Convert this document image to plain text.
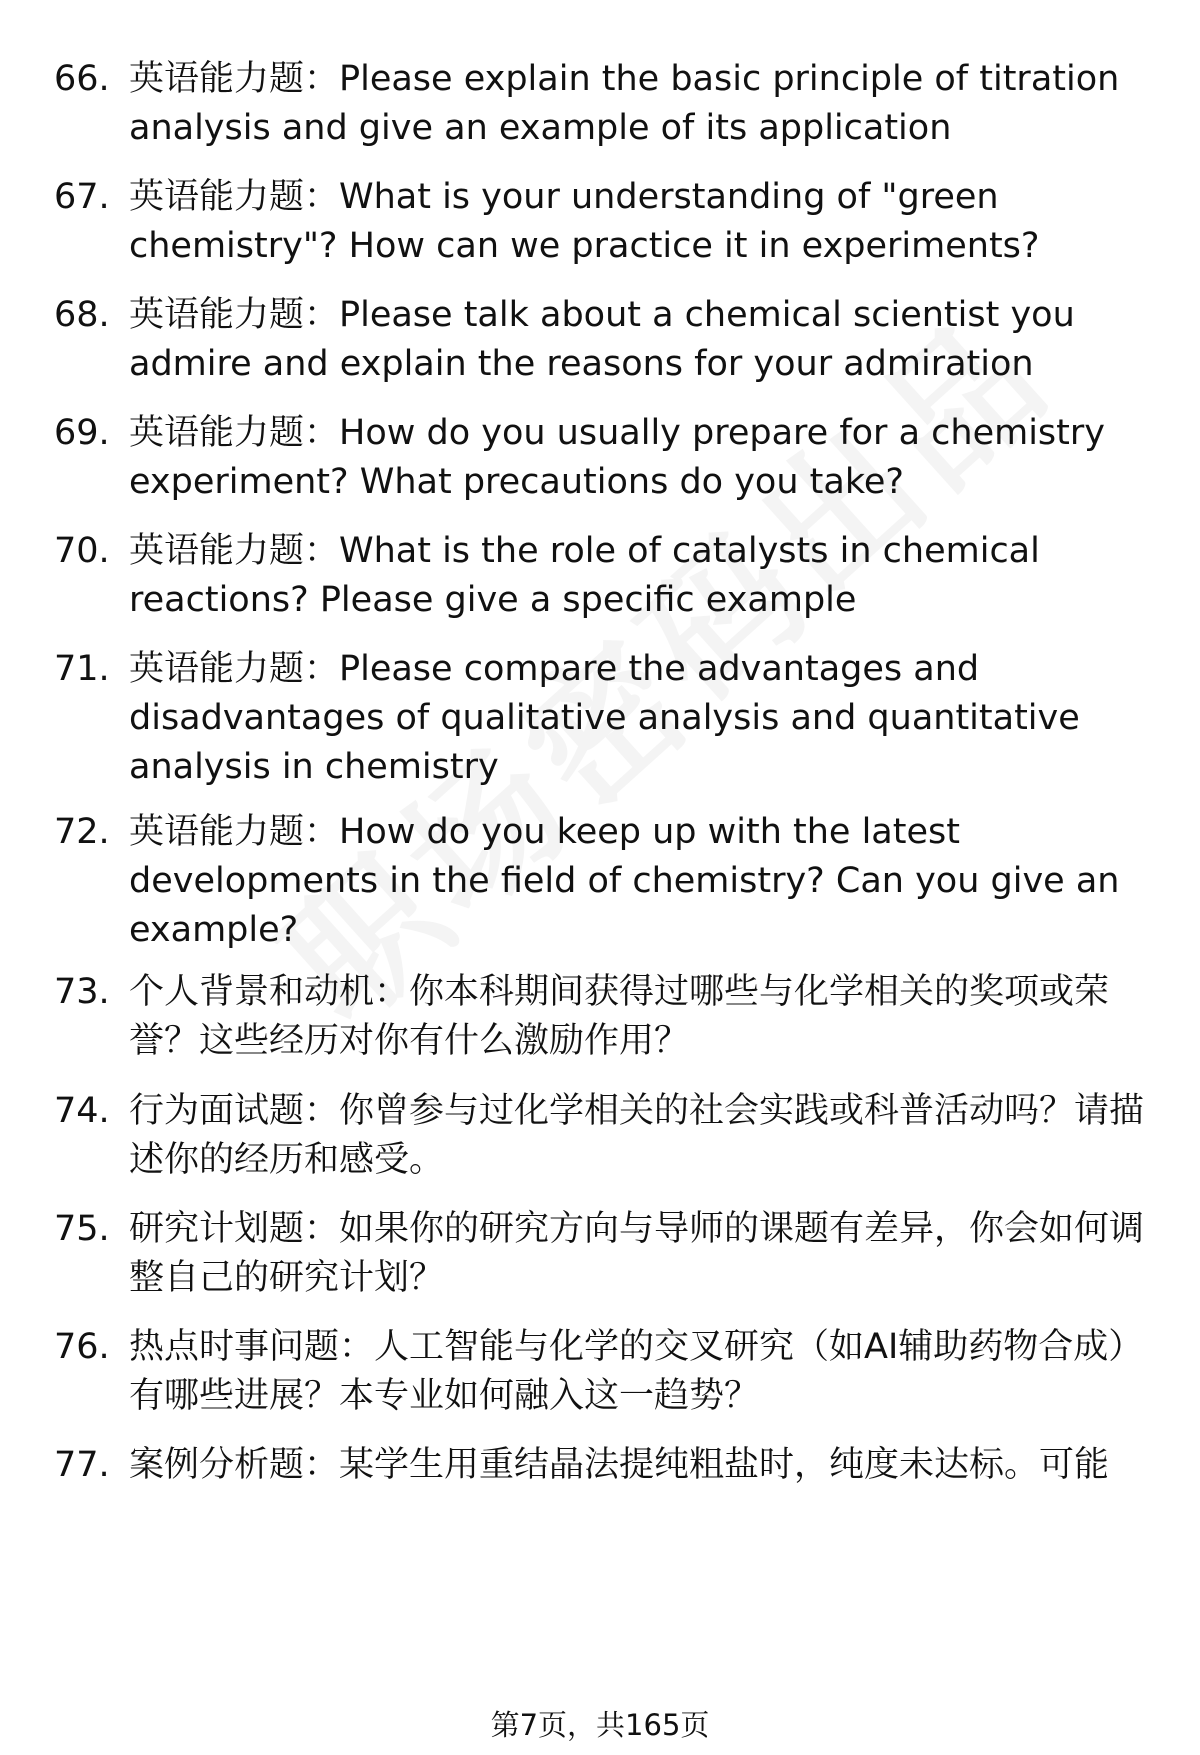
66. 英语能力题：Please explain the basic principle of titration analysis and give an example of its application
67. 英语能力题：What is your understanding of "green chemistry"? How can we practice it in experiments?
68. 英语能力题：Please talk about a chemical scientist you admire and explain the reasons for your admiration
69. 英语能力题：How do you usually prepare for a chemistry experiment? What precautions do you take?
70. 英语能力题：What is the role of catalysts in chemical reactions? Please give a specific example
71. 英语能力题：Please compare the advantages and disadvantages of qualitative analysis and quantitative analysis in chemistry
72. 英语能力题：How do you keep up with the latest developments in the field of chemistry? Can you give an example?
73. 个人背景和动机：你本科期间获得过哪些与化学相关的奖项或荣誉？这些经历对你有什么激励作用？
74. 行为面试题：你曾参与过化学相关的社会实践或科普活动吗？请描述你的经历和感受。
75. 研究计划题：如果你的研究方向与导师的课题有差异，你会如何调整自己的研究计划？
76. 热点时事问题：人工智能与化学的交叉研究（如AI辅助药物合成）有哪些进展？本专业如何融入这一趋势？
77. 案例分析题：某学生用重结晶法提纯粗盐时，纯度未达标。可能
第7页，共165页
